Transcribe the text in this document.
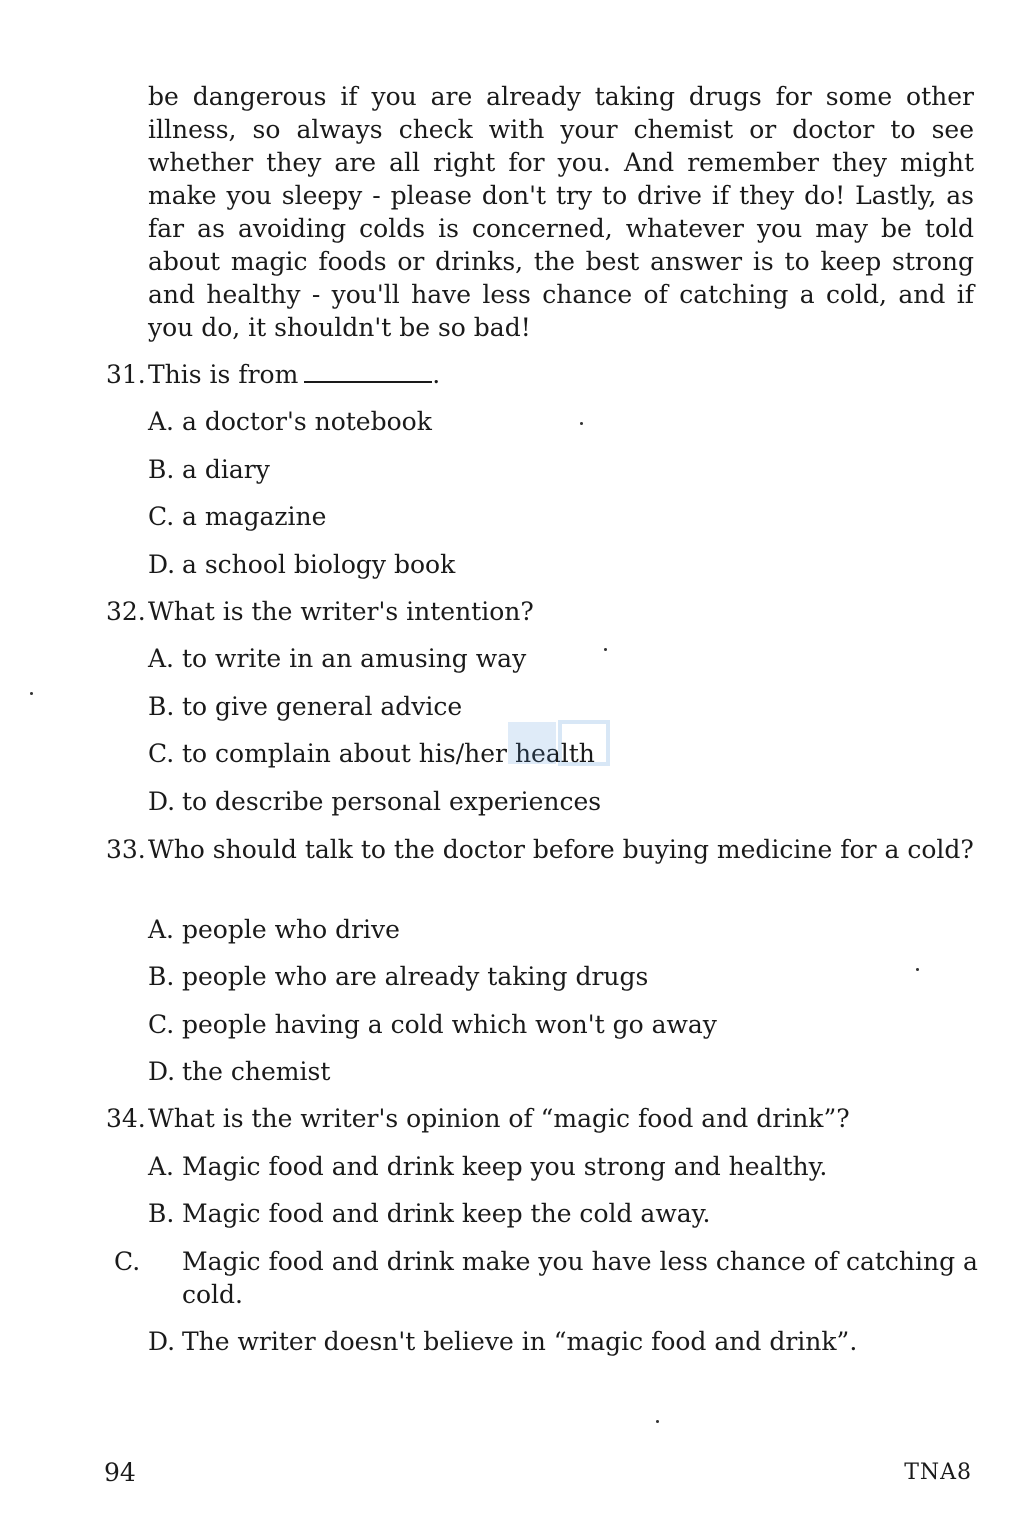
be dangerous if you are already taking drugs for some other illness, so always check with your chemist or doctor to see whether they are all right for you. And remember they might make you sleepy - please don't try to drive if they do! Lastly, as far as avoiding colds is concerned, whatever you may be told about magic foods or drinks, the best answer is to keep strong and healthy - you'll have less chance of catching a cold, and if you do, it shouldn't be so bad!

31.This is from	.

A. a doctor's notebook

B. a diary

C. a magazine

D. a school biology book

32.What is the writer's intention?

A. to write in an amusing way

B. to give general advice

C. to complain about his/her health

D. to describe personal experiences

33. Who should talk to the doctor before buying medicine for a cold?

A. people who drive

B. people who are already taking drugs

C. people having a cold which won't go away

D. the chemist

34.What is the writer's opinion of “magic food and drink”?

A. Magic food and drink keep you strong and healthy.

B. Magic food and drink keep the cold away.

C. Magic food and drink make you have less chance of catching a cold.

D. The writer doesn't believe in “magic food and drink”.

94	TNA8
